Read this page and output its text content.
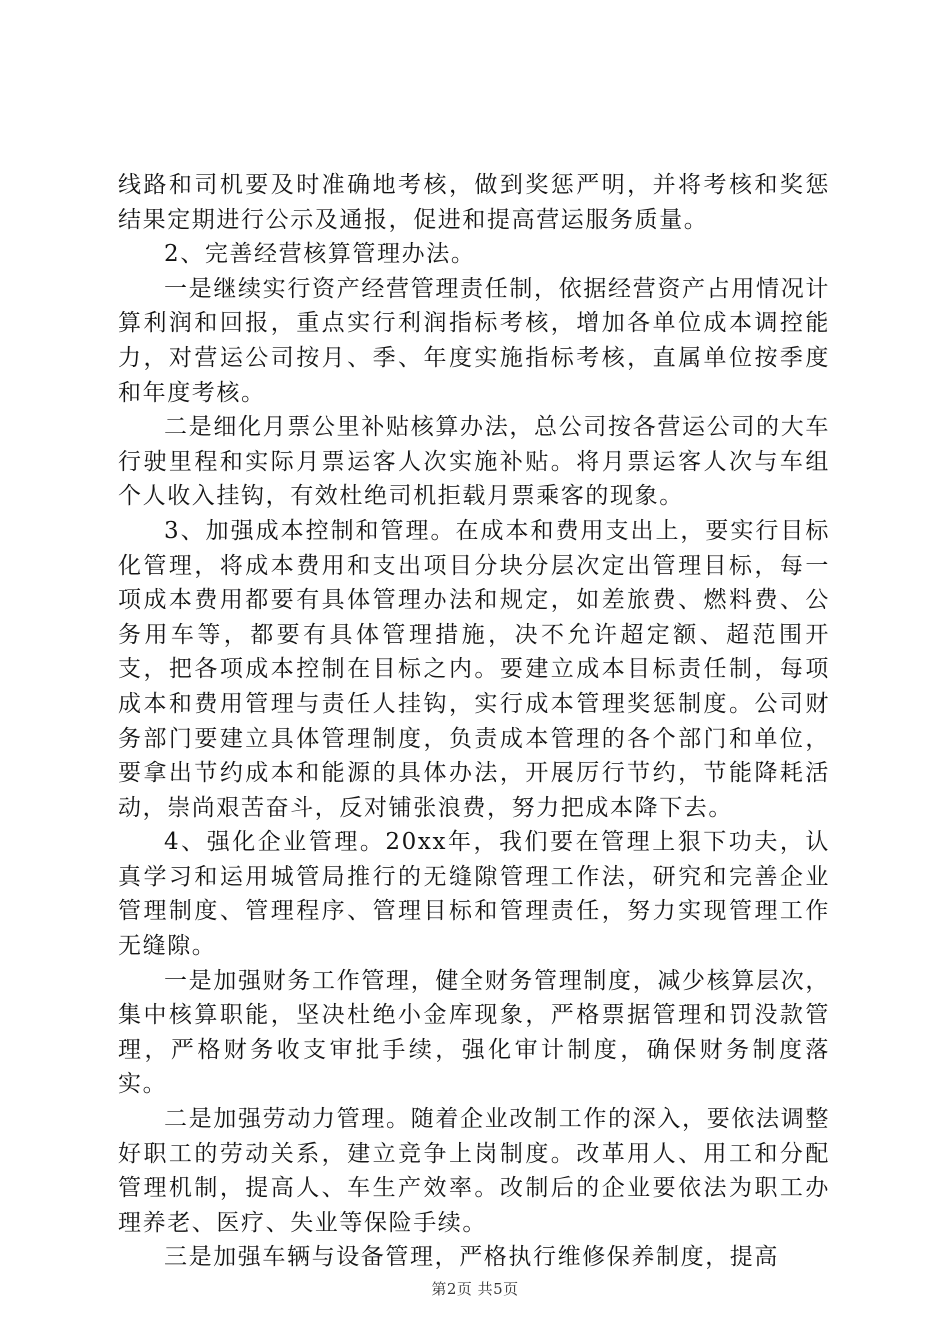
线路和司机要及时准确地考核，做到奖惩严明，并将考核和奖惩结果定期进行公示及通报，促进和提高营运服务质量。

2、完善经营核算管理办法。

一是继续实行资产经营管理责任制，依据经营资产占用情况计算利润和回报，重点实行利润指标考核，增加各单位成本调控能力，对营运公司按月、季、年度实施指标考核，直属单位按季度和年度考核。

二是细化月票公里补贴核算办法，总公司按各营运公司的大车行驶里程和实际月票运客人次实施补贴。将月票运客人次与车组个人收入挂钩，有效杜绝司机拒载月票乘客的现象。

3、加强成本控制和管理。在成本和费用支出上，要实行目标化管理，将成本费用和支出项目分块分层次定出管理目标，每一项成本费用都要有具体管理办法和规定，如差旅费、燃料费、公务用车等，都要有具体管理措施，决不允许超定额、超范围开支，把各项成本控制在目标之内。要建立成本目标责任制，每项成本和费用管理与责任人挂钩，实行成本管理奖惩制度。公司财务部门要建立具体管理制度，负责成本管理的各个部门和单位，要拿出节约成本和能源的具体办法，开展厉行节约，节能降耗活动，崇尚艰苦奋斗，反对铺张浪费，努力把成本降下去。

4、强化企业管理。20xx年，我们要在管理上狠下功夫，认真学习和运用城管局推行的无缝隙管理工作法，研究和完善企业管理制度、管理程序、管理目标和管理责任，努力实现管理工作无缝隙。

一是加强财务工作管理，健全财务管理制度，减少核算层次，集中核算职能，坚决杜绝小金库现象，严格票据管理和罚没款管理，严格财务收支审批手续，强化审计制度，确保财务制度落实。

二是加强劳动力管理。随着企业改制工作的深入，要依法调整好职工的劳动关系，建立竞争上岗制度。改革用人、用工和分配管理机制，提高人、车生产效率。改制后的企业要依法为职工办理养老、医疗、失业等保险手续。

三是加强车辆与设备管理，严格执行维修保养制度，提高

第2页 共5页
